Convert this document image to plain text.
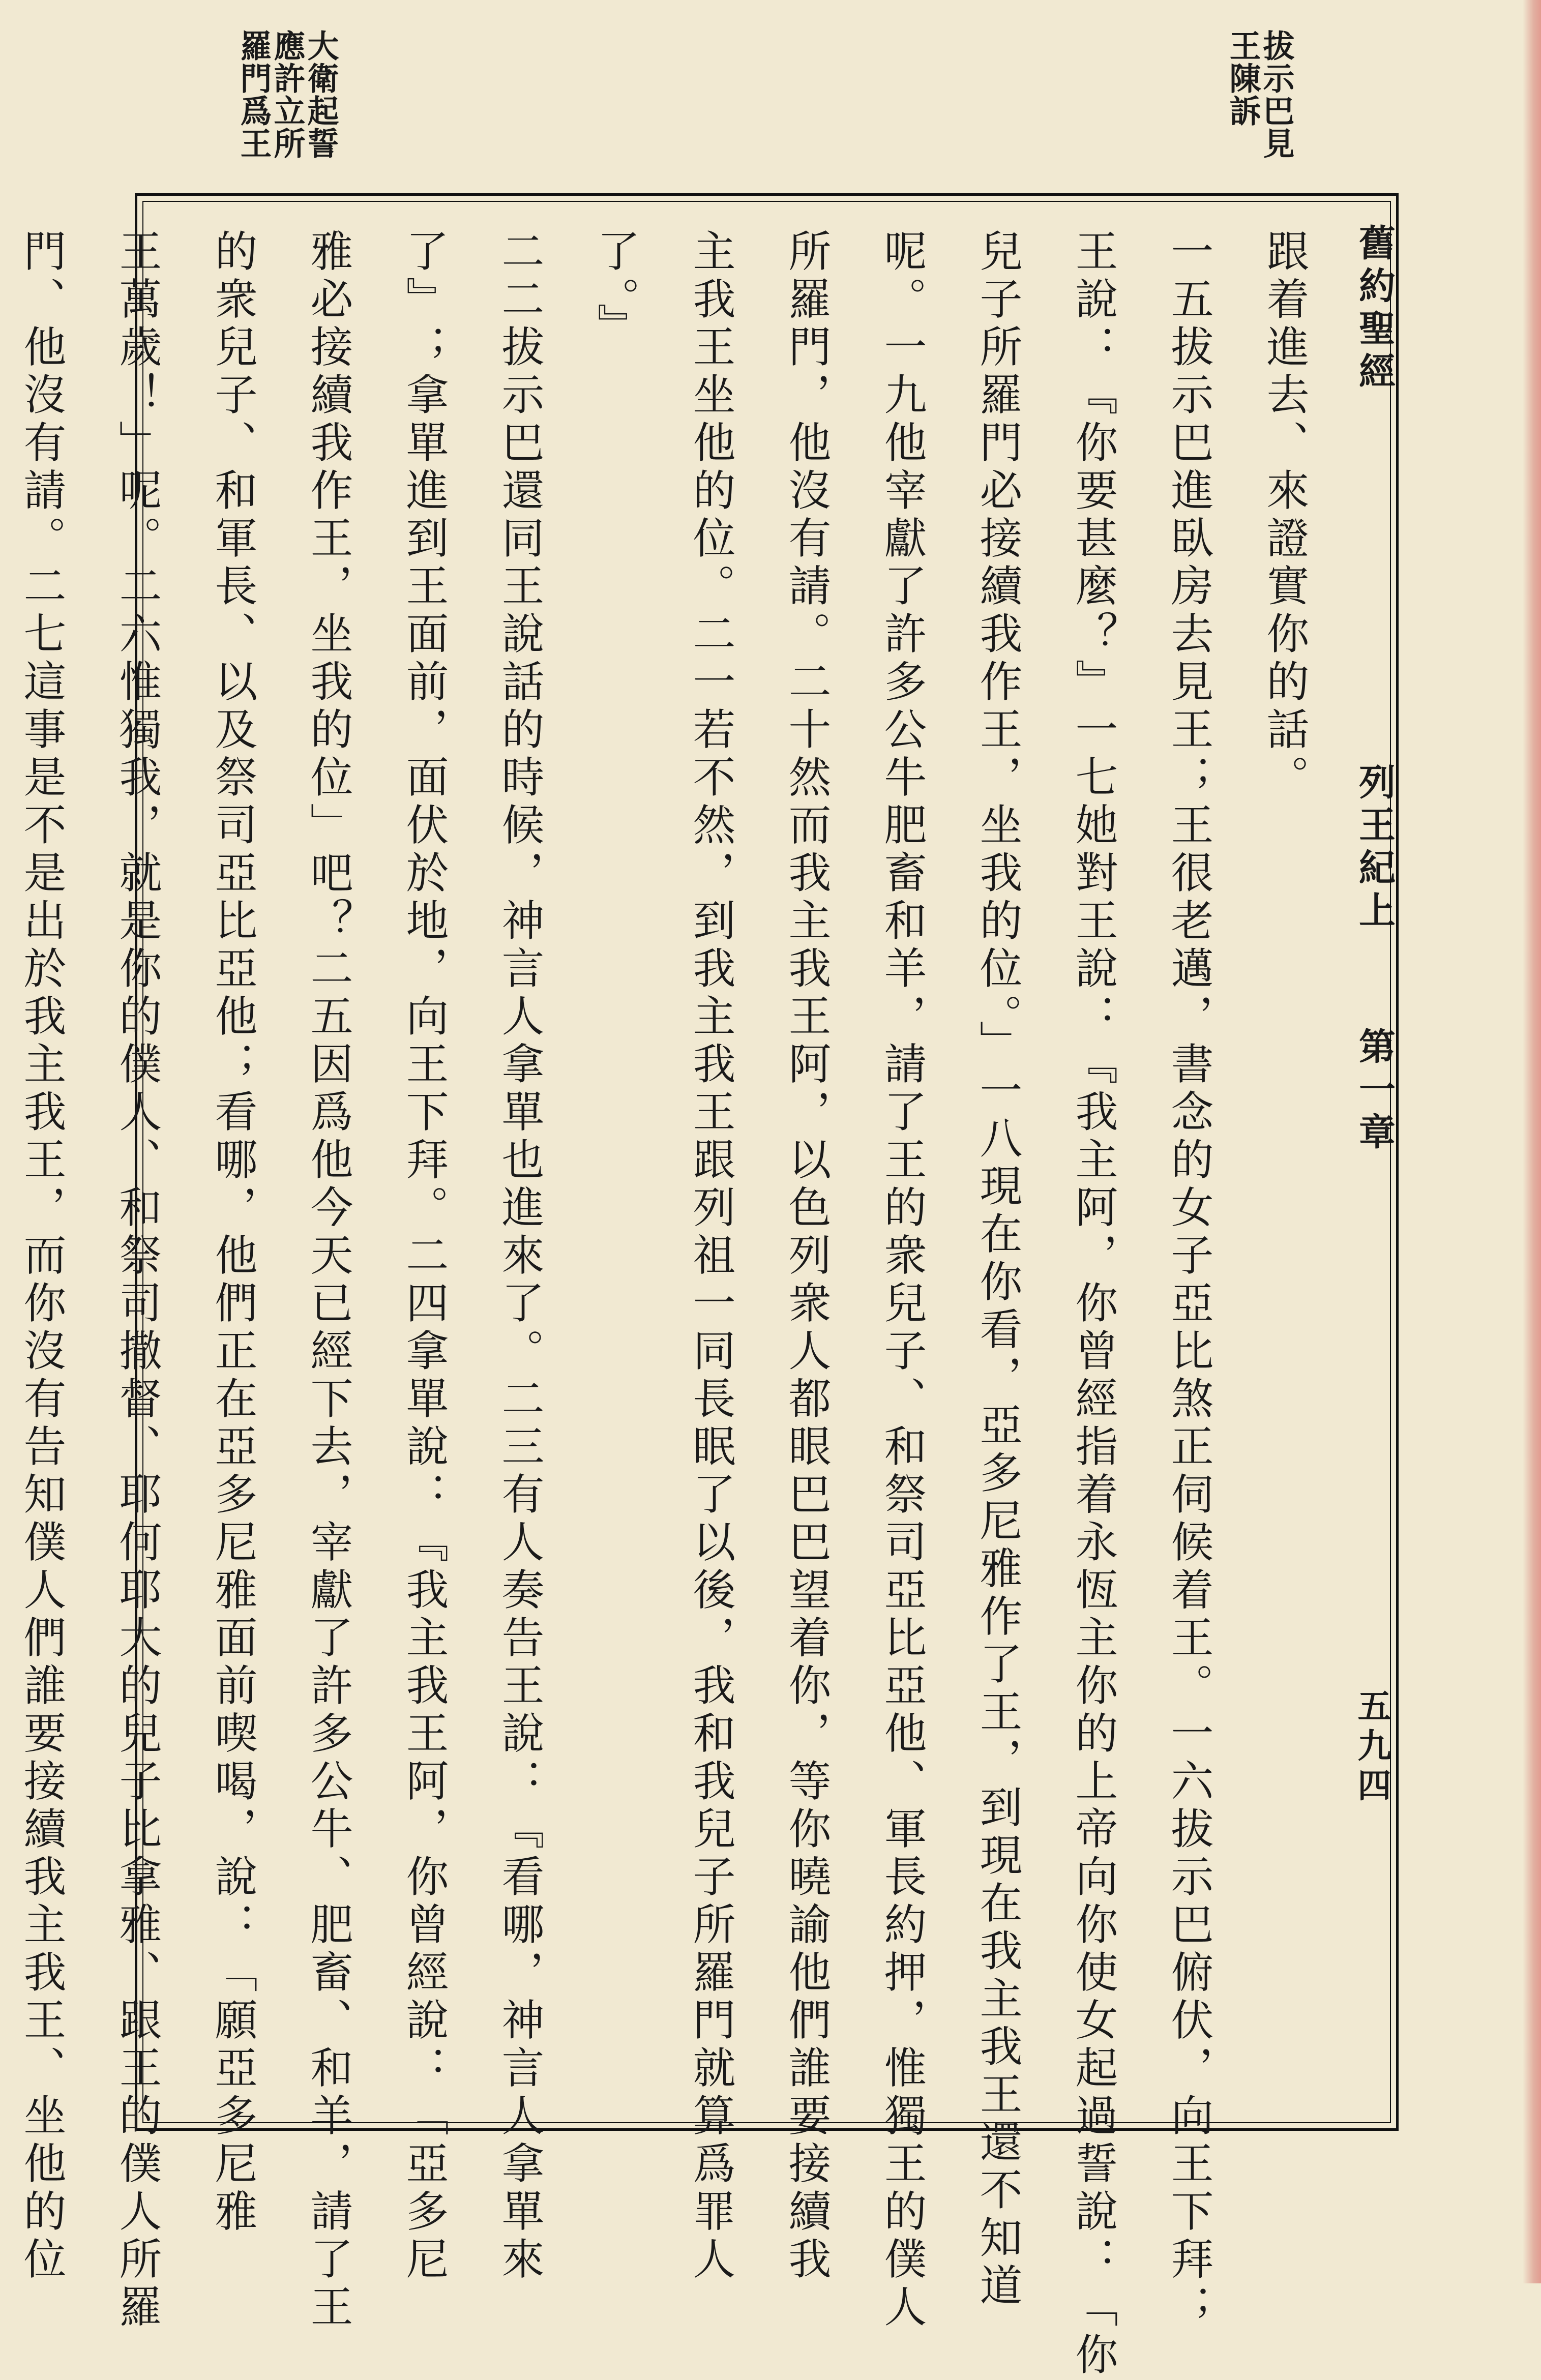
拔示巴見 王陳訴
大衛起誓 應許立所 羅門爲王
舊約聖經
列王紀上
第一章
五九四
跟着進去、來證實你的話。
一五拔示巴進臥房去見王；王很老邁，書念的女子亞比煞正伺候着王。一六拔示巴俯伏，向王下拜；
王說：『你要甚麼？』一七她對王說：『我主阿，你曾經指着永恆主你的上帝向你使女起過誓說：「你
兒子所羅門必接續我作王，坐我的位。」一八現在你看，亞多尼雅作了王，到現在我主我王還不知道
呢。一九他宰獻了許多公牛肥畜和羊，請了王的衆兒子、和祭司亞比亞他、軍長約押，惟獨王的僕人
所羅門，他沒有請。二十然而我主我王阿，以色列衆人都眼巴巴望着你，等你曉諭他們誰要接續我
主我王坐他的位。二一若不然，到我主我王跟列祖一同長眠了以後，我和我兒子所羅門就算爲罪人
了。』
二二拔示巴還同王說話的時候，神言人拿單也進來了。二三有人奏告王說：『看哪，神言人拿單來
了』；拿單進到王面前，面伏於地，向王下拜。二四拿單說：『我主我王阿，你曾經說：「亞多尼
雅必接續我作王，坐我的位」吧？二五因爲他今天已經下去，宰獻了許多公牛、肥畜、和羊，請了王
的衆兒子、和軍長、以及祭司亞比亞他；看哪，他們正在亞多尼雅面前喫喝，說：「願亞多尼雅
王萬歲！」呢。二六惟獨我，就是你的僕人、和祭司撒督、耶何耶大的兒子比拿雅、跟王的僕人所羅
門、他沒有請。二七這事是不是出於我主我王，而你沒有告知僕人們誰要接續我主我王、坐他的位
